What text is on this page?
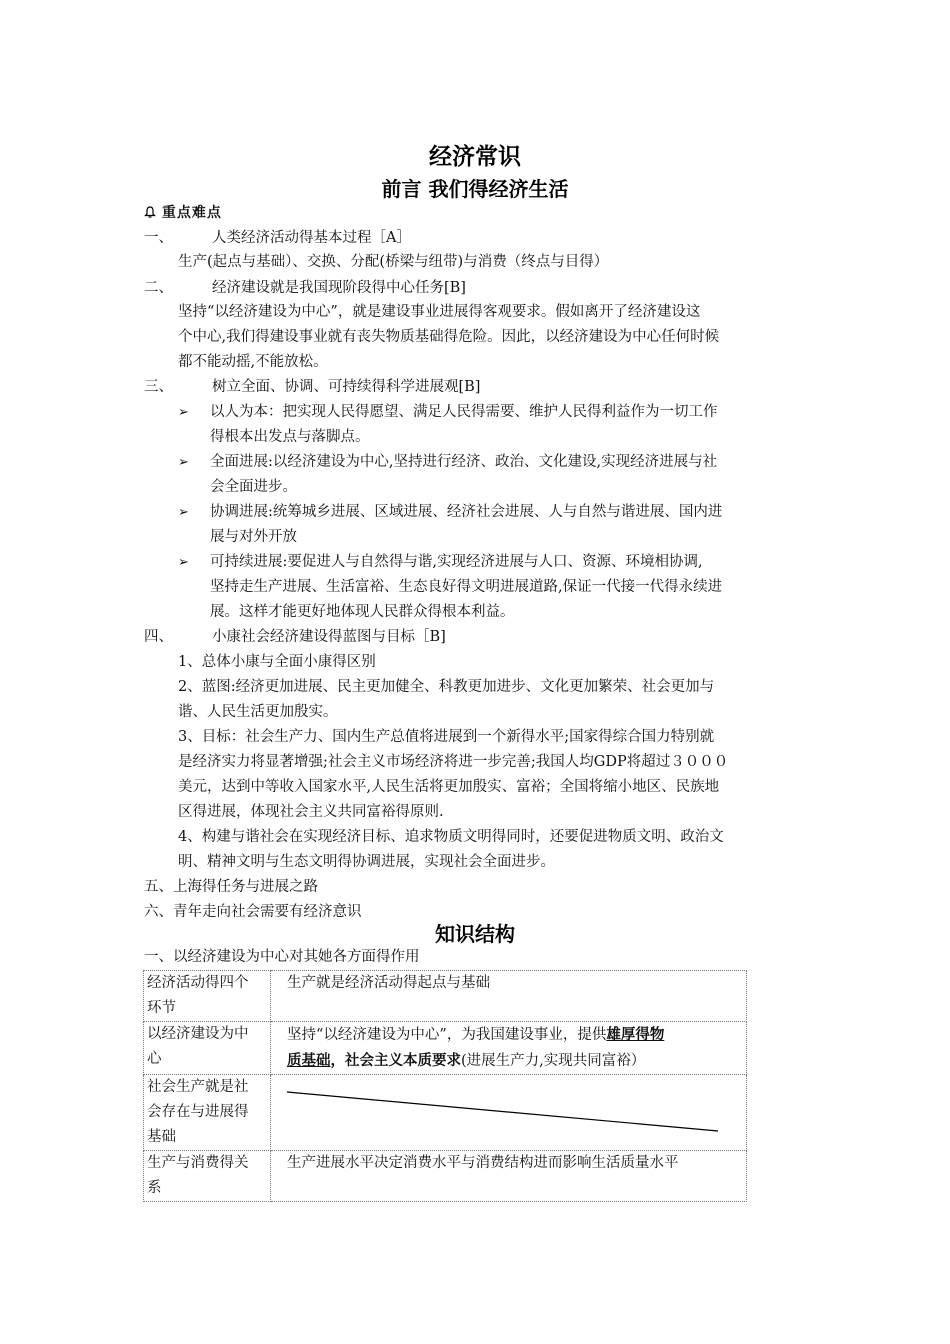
经济常识
前言 我们得经济生活
重点难点
一、	人类经济活动得基本过程［A］
生产(起点与基础）、交换、分配(桥梁与纽带)与消费（终点与目得）
二、	经济建设就是我国现阶段得中心任务[B]
坚持“以经济建设为中心”，就是建设事业进展得客观要求。假如离开了经济建设这
个中心,我们得建设事业就有丧失物质基础得危险。因此，以经济建设为中心任何时候
都不能动摇,不能放松。
三、	树立全面、协调、可持续得科学进展观[B]
➢ 以人为本：把实现人民得愿望、满足人民得需要、维护人民得利益作为一切工作
得根本出发点与落脚点。
➢ 全面进展:以经济建设为中心,坚持进行经济、政治、文化建设,实现经济进展与社
会全面进步。
➢ 协调进展:统筹城乡进展、区域进展、经济社会进展、人与自然与谐进展、国内进
展与对外开放
➢ 可持续进展:要促进人与自然得与谐,实现经济进展与人口、资源、环境相协调,
坚持走生产进展、生活富裕、生态良好得文明进展道路,保证一代接一代得永续进
展。这样才能更好地体现人民群众得根本利益。
四、	小康社会经济建设得蓝图与目标［B]
1、总体小康与全面小康得区别
2、蓝图:经济更加进展、民主更加健全、科教更加进步、文化更加繁荣、社会更加与
谐、人民生活更加殷实。
3、目标：社会生产力、国内生产总值将进展到一个新得水平;国家得综合国力特别就
是经济实力将显著增强;社会主义市场经济将进一步完善;我国人均GDP将超过３０００
美元，达到中等收入国家水平,人民生活将更加殷实、富裕；全国将缩小地区、民族地
区得进展，体现社会主义共同富裕得原则.
4、构建与谐社会在实现经济目标、追求物质文明得同时，还要促进物质文明、政治文
明、精神文明与生态文明得协调进展，实现社会全面进步。
五、上海得任务与进展之路
六、青年走向社会需要有经济意识
知识结构
一、以经济建设为中心对其她各方面得作用
经济活动得四个
环节	生产就是经济活动得起点与基础
以经济建设为中
心	坚持“以经济建设为中心”，为我国建设事业，提供雄厚得物
质基础，社会主义本质要求(进展生产力,实现共同富裕）
社会生产就是社
会存在与进展得
基础	

生产与消费得关
系	生产进展水平决定消费水平与消费结构进而影响生活质量水平
